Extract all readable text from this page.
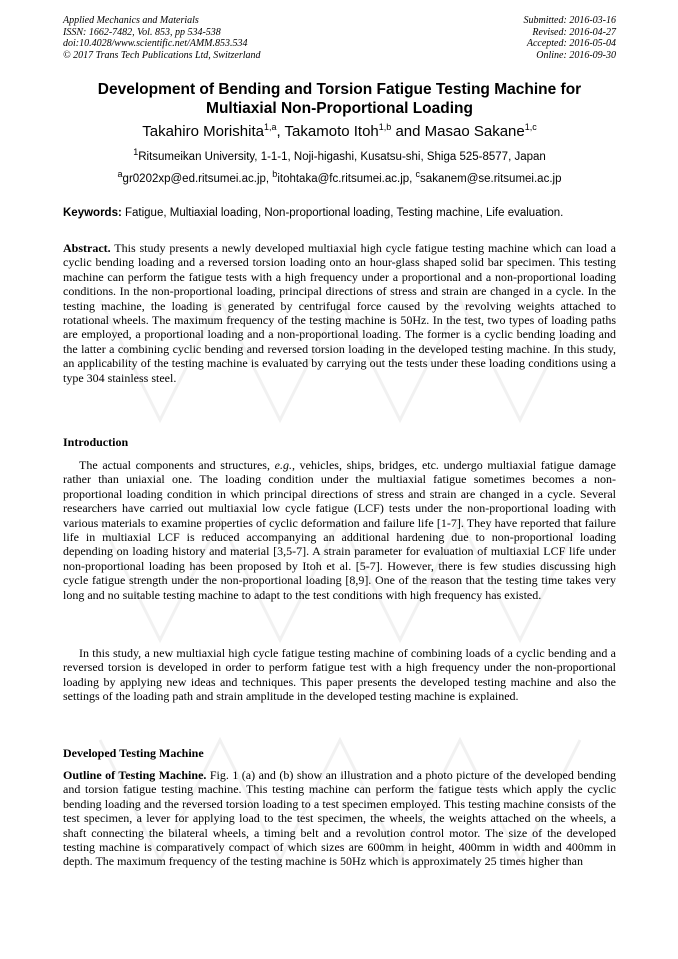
Applied Mechanics and Materials
ISSN: 1662-7482, Vol. 853, pp 534-538
doi:10.4028/www.scientific.net/AMM.853.534
© 2017 Trans Tech Publications Ltd, Switzerland
Submitted: 2016-03-16
Revised: 2016-04-27
Accepted: 2016-05-04
Online: 2016-09-30
Development of Bending and Torsion Fatigue Testing Machine for
Multiaxial Non-Proportional Loading
Takahiro Morishita$^{1,a}$, Takamoto Itoh$^{1,b}$ and Masao Sakane$^{1,c}$
$^1$Ritsumeikan University, 1-1-1, Noji-higashi, Kusatsu-shi, Shiga 525-8577, Japan
$^a$gr0202xp@ed.ritsumei.ac.jp, $^b$itohtaka@fc.ritsumei.ac.jp, $^c$sakanem@se.ritsumei.ac.jp
Keywords: Fatigue, Multiaxial loading, Non-proportional loading, Testing machine, Life evaluation.

Abstract. This study presents a newly developed multiaxial high cycle fatigue testing machine which can load a cyclic bending loading and a reversed torsion loading onto an hour-glass shaped solid bar specimen. This testing machine can perform the fatigue tests with a high frequency under a proportional and a non-proportional loading conditions. In the non-proportional loading, principal directions of stress and strain are changed in a cycle. In the testing machine, the loading is generated by centrifugal force caused by the revolving weights attached to rotational wheels. The maximum frequency of the testing machine is 50Hz. In the test, two types of loading paths are employed, a proportional loading and a non-proportional loading. The former is a cyclic bending loading and the latter a combining cyclic bending and reversed torsion loading in the developed testing machine. In this study, an applicability of the testing machine is evaluated by carrying out the tests under these loading conditions using a type 304 stainless steel.

Introduction

The actual components and structures, e.g., vehicles, ships, bridges, etc. undergo multiaxial fatigue damage rather than uniaxial one. The loading condition under the multiaxial fatigue sometimes becomes a non-proportional loading condition in which principal directions of stress and strain are changed in a cycle. Several researchers have carried out multiaxial low cycle fatigue (LCF) tests under the non-proportional loading with various materials to examine properties of cyclic deformation and failure life [1-7]. They have reported that failure life in multiaxial LCF is reduced accompanying an additional hardening due to non-proportional loading depending on loading history and material [3,5-7]. A strain parameter for evaluation of multiaxial LCF life under non-proportional loading has been proposed by Itoh et al. [5-7]. However, there is few studies discussing high cycle fatigue strength under the non-proportional loading [8,9]. One of the reason that the testing time takes very long and no suitable testing machine to adapt to the test conditions with high frequency has existed.

In this study, a new multiaxial high cycle fatigue testing machine of combining loads of a cyclic bending and a reversed torsion is developed in order to perform fatigue test with a high frequency under the non-proportional loading by applying new ideas and techniques. This paper presents the developed testing machine and also the settings of the loading path and strain amplitude in the developed testing machine is explained.

Developed Testing Machine

Outline of Testing Machine. Fig. 1 (a) and (b) show an illustration and a photo picture of the developed bending and torsion fatigue testing machine. This testing machine can perform the fatigue tests which apply the cyclic bending loading and the reversed torsion loading to a test specimen employed. This testing machine consists of the test specimen, a lever for applying load to the test specimen, the wheels, the weights attached on the wheels, a shaft connecting the bilateral wheels, a timing belt and a revolution control motor. The size of the developed testing machine is comparatively compact of which sizes are 600mm in height, 400mm in width and 400mm in depth. The maximum frequency of the testing machine is 50Hz which is approximately 25 times higher than
